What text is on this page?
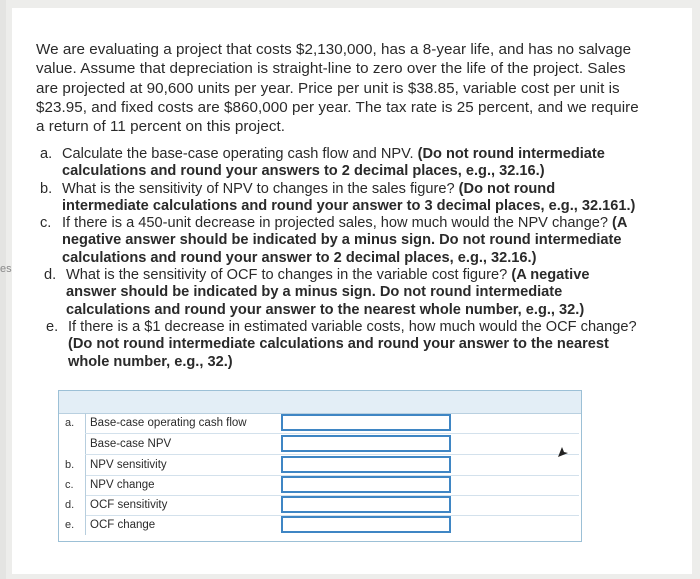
es
We are evaluating a project that costs $2,130,000, has a 8-year life, and has no salvage value. Assume that depreciation is straight-line to zero over the life of the project. Sales are projected at 90,600 units per year. Price per unit is $38.85, variable cost per unit is $23.95, and fixed costs are $860,000 per year. The tax rate is 25 percent, and we require a return of 11 percent on this project.
a. Calculate the base-case operating cash flow and NPV. (Do not round intermediate calculations and round your answers to 2 decimal places, e.g., 32.16.)
b. What is the sensitivity of NPV to changes in the sales figure? (Do not round intermediate calculations and round your answer to 3 decimal places, e.g., 32.161.)
c. If there is a 450-unit decrease in projected sales, how much would the NPV change? (A negative answer should be indicated by a minus sign. Do not round intermediate calculations and round your answer to 2 decimal places, e.g., 32.16.)
d. What is the sensitivity of OCF to changes in the variable cost figure? (A negative answer should be indicated by a minus sign. Do not round intermediate calculations and round your answer to the nearest whole number, e.g., 32.)
e. If there is a $1 decrease in estimated variable costs, how much would the OCF change? (Do not round intermediate calculations and round your answer to the nearest whole number, e.g., 32.)
a.	Base-case operating cash flow
Base-case NPV
b.	NPV sensitivity
c.	NPV change
d.	OCF sensitivity
e.	OCF change
